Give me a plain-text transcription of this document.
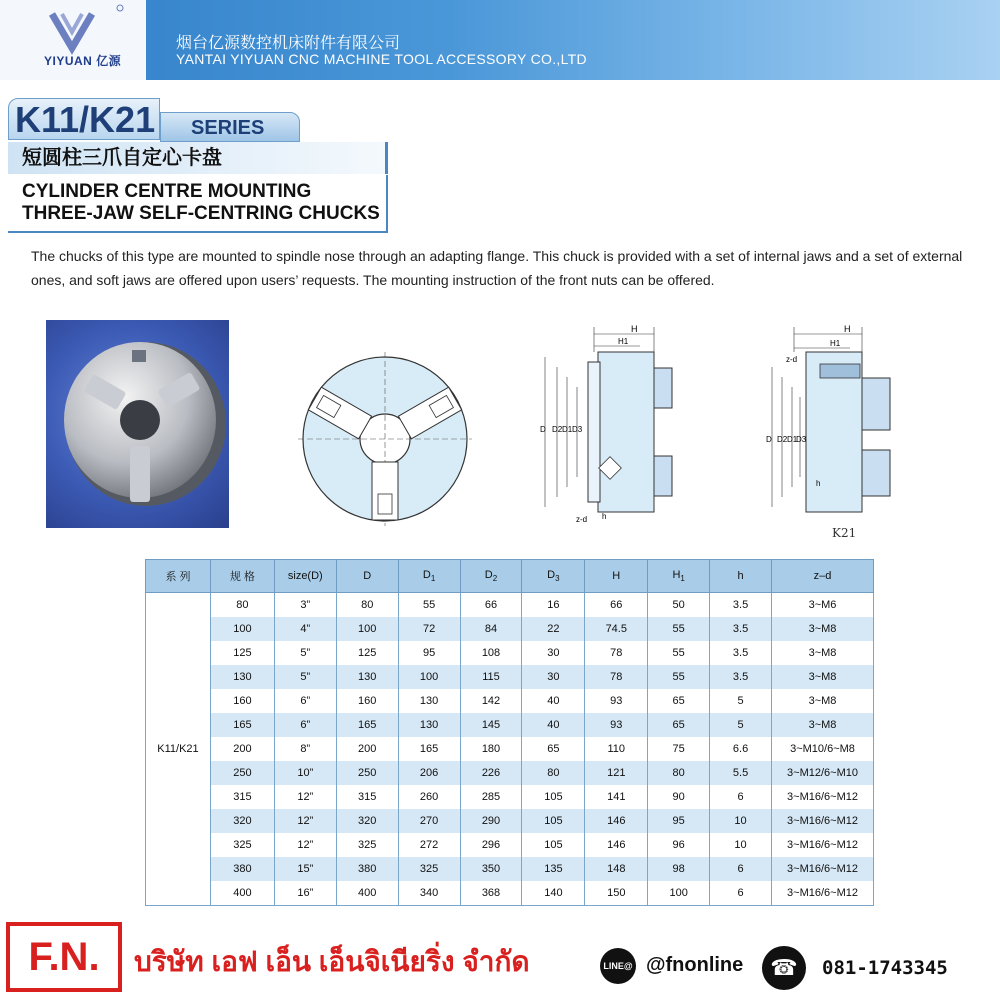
YIYUAN 亿源
烟台亿源数控机床附件有限公司
YANTAI YIYUAN CNC MACHINE TOOL ACCESSORY CO.,LTD
K11/K21	SERIES
短圆柱三爪自定心卡盘
CYLINDER CENTRE MOUNTING
THREE-JAW SELF-CENTRING CHUCKS
The chucks of this type are mounted to spindle nose through an adapting flange. This chuck is provided with a set of internal jaws and a set of external ones, and soft jaws are offered upon users’ requests. The mounting instruction of the front nuts can be offered.
H
H1
D D2 D1 D3
h
z-d
H
H1
D D2 D1
D3
h
z-d
K21
系 列	规 格	size(D)	D	$D_1$	$D_2$	$D_3$	H	$H_1$	h	z–d
K11/K21	80	3”	80	55	66	16	66	50	3.5	3~M6
	100	4”	100	72	84	22	74.5	55	3.5	3~M8
	125	5”	125	95	108	30	78	55	3.5	3~M8
	130	5”	130	100	115	30	78	55	3.5	3~M8
	160	6”	160	130	142	40	93	65	5	3~M8
	165	6”	165	130	145	40	93	65	5	3~M8
	200	8”	200	165	180	65	110	75	6.6	3~M10/6~M8
	250	10”	250	206	226	80	121	80	5.5	3~M12/6~M10
	315	12”	315	260	285	105	141	90	6	3~M16/6~M12
	320	12”	320	270	290	105	146	95	10	3~M16/6~M12
	325	12”	325	272	296	105	146	96	10	3~M16/6~M12
	380	15”	380	325	350	135	148	98	6	3~M16/6~M12
	400	16”	400	340	368	140	150	100	6	3~M16/6~M12
F.N.	บริษัท เอฟ เอ็น เอ็นจิเนียริ่ง จำกัด	LINE@ @fnonline	☎	081-1743345
